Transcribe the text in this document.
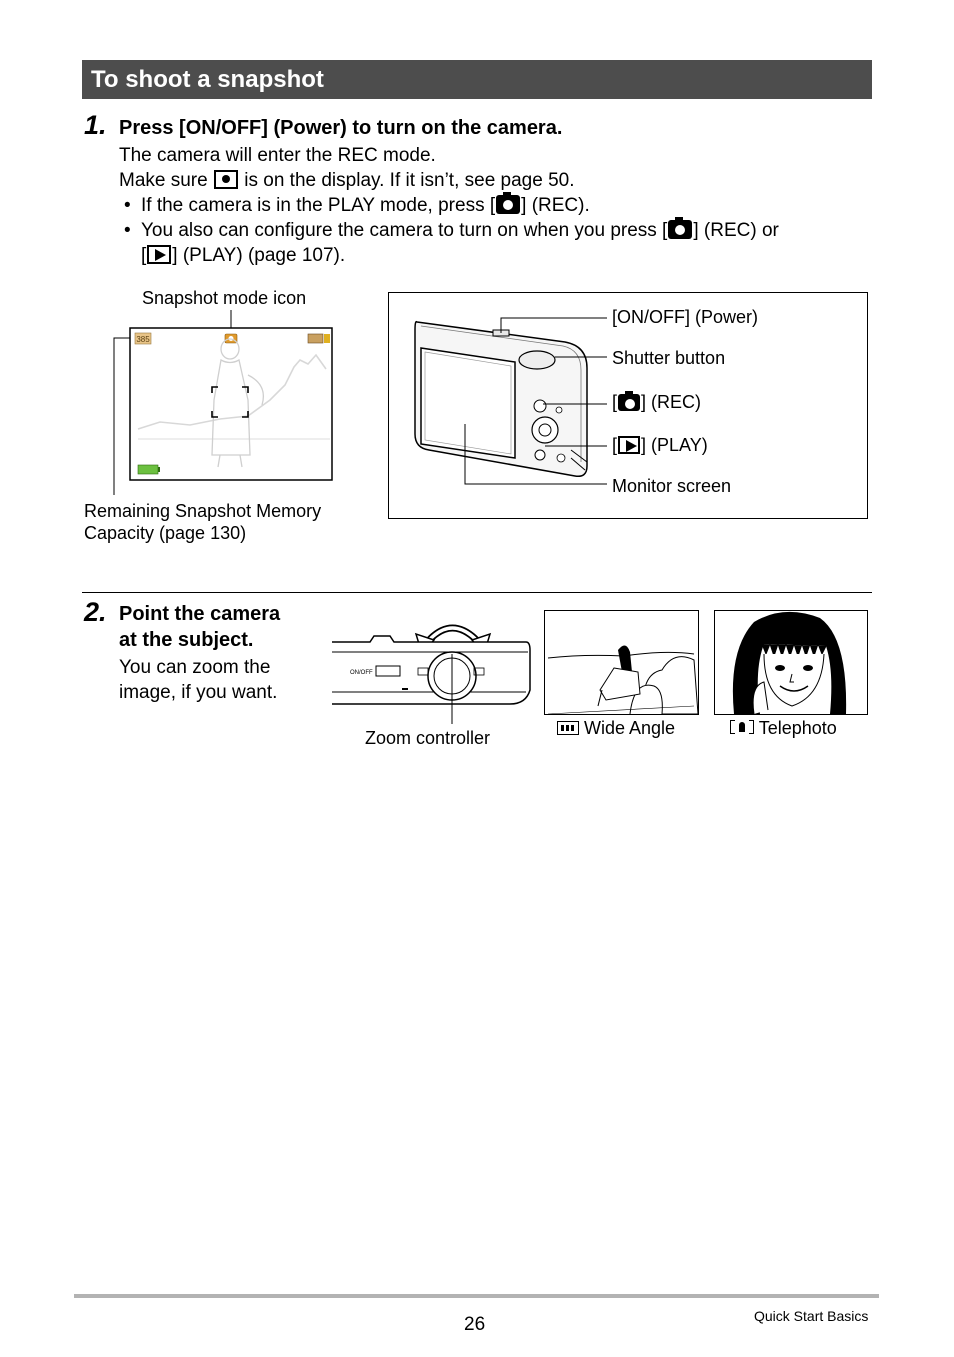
To shoot a snapshot
1. Press [ON/OFF] (Power) to turn on the camera.
The camera will enter the REC mode.
Make sure is on the display. If it isn’t, see page 50.
• If the camera is in the PLAY mode, press [ ] (REC).
• You also can configure the camera to turn on when you press [ ] (REC) or
[ ] (PLAY) (page 107).
Snapshot mode icon
385
Remaining Snapshot Memory
Capacity (page 130)
[ON/OFF] (Power)
Shutter button
[ ] (REC)
[ ] (PLAY)
Monitor screen
2. Point the camera
at the subject.
You can zoom the
image, if you want.
ON/OFF
Zoom controller	Wide Angle	Telephoto
26	Quick Start Basics
